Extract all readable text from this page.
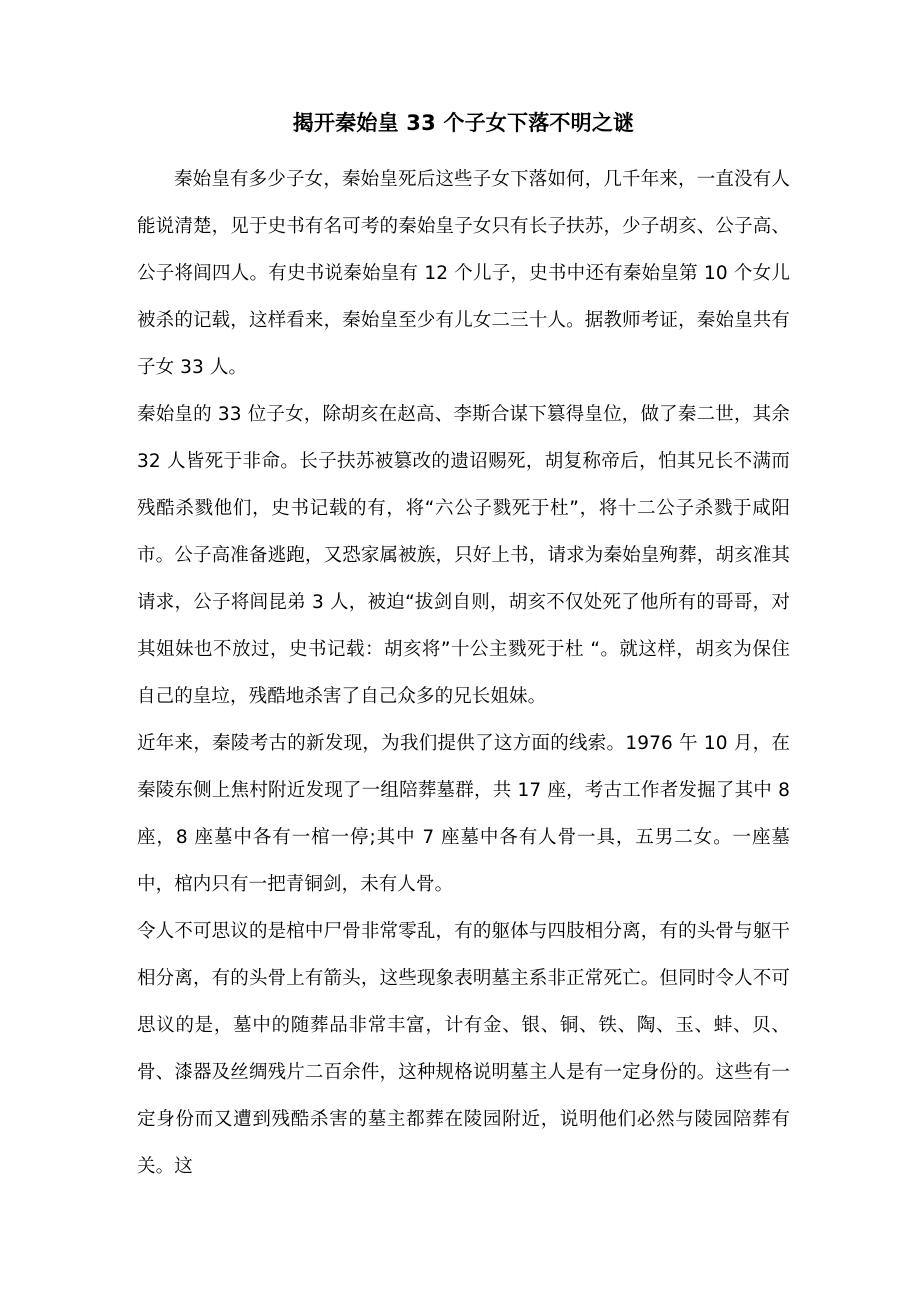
揭开秦始皇 33 个子女下落不明之谜

秦始皇有多少子女，秦始皇死后这些子女下落如何，几千年来，一直没有人能说清楚，见于史书有名可考的秦始皇子女只有长子扶苏，少子胡亥、公子高、公子将闾四人。有史书说秦始皇有 12 个儿子，史书中还有秦始皇第 10 个女儿被杀的记载，这样看来，秦始皇至少有儿女二三十人。据教师考证，秦始皇共有子女 33 人。

秦始皇的 33 位子女，除胡亥在赵高、李斯合谋下篡得皇位，做了秦二世，其余 32 人皆死于非命。长子扶苏被篡改的遗诏赐死，胡复称帝后，怕其兄长不满而残酷杀戮他们，史书记载的有，将“六公子戮死于杜”，将十二公子杀戮于咸阳市。公子高准备逃跑，又恐家属被族，只好上书，请求为秦始皇殉葬，胡亥准其请求，公子将闾昆弟 3 人，被迫“拔剑自则，胡亥不仅处死了他所有的哥哥，对其姐妹也不放过，史书记载：胡亥将”十公主戮死于杜 “。就这样，胡亥为保住自己的皇垃，残酷地杀害了自己众多的兄长姐妹。

近年来，秦陵考古的新发现，为我们提供了这方面的线索。1976 午 10 月，在秦陵东侧上焦村附近发现了一组陪葬墓群，共 17 座，考古工作者发掘了其中 8 座，8 座墓中各有一棺一停;其中 7 座墓中各有人骨一具，五男二女。一座墓中，棺内只有一把青铜剑，未有人骨。

令人不可思议的是棺中尸骨非常零乱，有的躯体与四肢相分离，有的头骨与躯干相分离，有的头骨上有箭头，这些现象表明墓主系非正常死亡。但同时令人不可思议的是，墓中的随葬品非常丰富，计有金、银、铜、铁、陶、玉、蚌、贝、骨、漆器及丝绸残片二百余件，这种规格说明墓主人是有一定身份的。这些有一定身份而又遭到残酷杀害的墓主都葬在陵园附近，说明他们必然与陵园陪葬有关。这
